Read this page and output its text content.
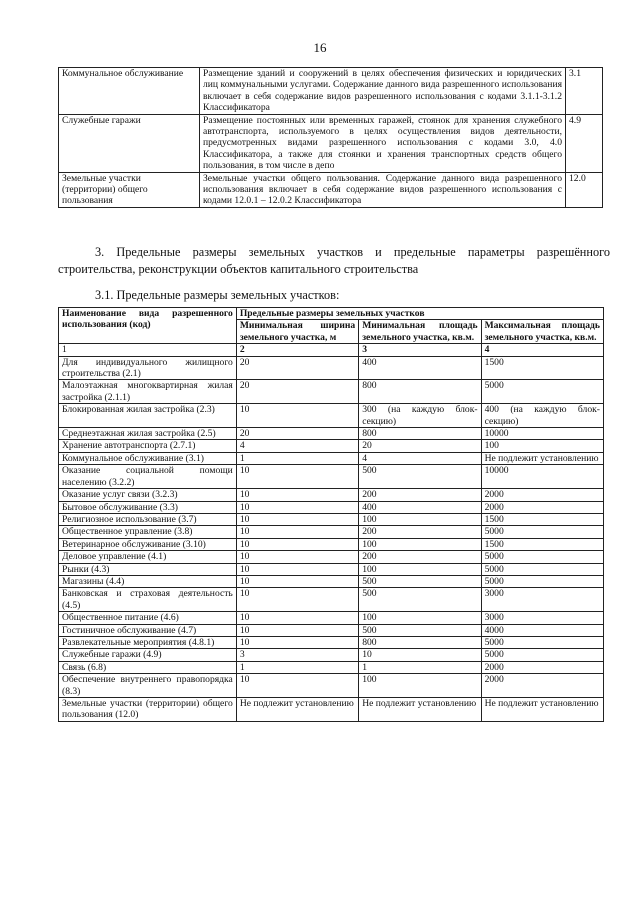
16
Коммунальное обслуживание	Размещение зданий и сооружений в целях обеспечения физических и юридических лиц коммунальными услугами. Содержание данного вида разрешенного использования включает в себя содержание видов разрешенного использования с кодами 3.1.1-3.1.2 Классификатора	3.1
Служебные гаражи	Размещение постоянных или временных гаражей, стоянок для хранения служебного автотранспорта, используемого в целях осуществления видов деятельности, предусмотренных видами разрешенного использования с кодами 3.0, 4.0 Классификатора, а также для стоянки и хранения транспортных средств общего пользования, в том числе в депо	4.9
Земельные участки (территории) общего пользования	Земельные участки общего пользования. Содержание данного вида разрешенного использования включает в себя содержание видов разрешенного использования с кодами 12.0.1 – 12.0.2 Классификатора	12.0
3. Предельные размеры земельных участков и предельные параметры разрешённого строительства, реконструкции объектов капитального строительства
3.1. Предельные размеры земельных участков:
Наименование вида разрешенного использования (код)	Предельные размеры земельных участков		
	Минимальная ширина земельного участка, м	Минимальная площадь земельного участка, кв.м.	Максимальная площадь земельного участка, кв.м.
1	2	3	4
Для индивидуального жилищного строительства (2.1)	20	400	1500
Малоэтажная многоквартирная жилая застройка (2.1.1)	20	800	5000
Блокированная жилая застройка (2.3)	10	300 (на каждую блок-секцию)	400 (на каждую блок-секцию)
Среднеэтажная жилая застройка (2.5)	20	800	10000
Хранение автотранспорта (2.7.1)	4	20	100
Коммунальное обслуживание (3.1)	1	4	Не подлежит установлению
Оказание социальной помощи населению (3.2.2)	10	500	10000
Оказание услуг связи (3.2.3)	10	200	2000
Бытовое обслуживание (3.3)	10	400	2000
Религиозное использование (3.7)	10	100	1500
Общественное управление (3.8)	10	200	5000
Ветеринарное обслуживание (3.10)	10	100	1500
Деловое управление (4.1)	10	200	5000
Рынки (4.3)	10	100	5000
Магазины (4.4)	10	500	5000
Банковская и страховая деятельность (4.5)	10	500	3000
Общественное питание (4.6)	10	100	3000
Гостиничное обслуживание (4.7)	10	500	4000
Развлекательные мероприятия (4.8.1)	10	800	5000
Служебные гаражи (4.9)	3	10	5000
Связь (6.8)	1	1	2000
Обеспечение внутреннего правопорядка (8.3)	10	100	2000
Земельные участки (территории) общего пользования (12.0)	Не подлежит установлению	Не подлежит установлению	Не подлежит установлению
